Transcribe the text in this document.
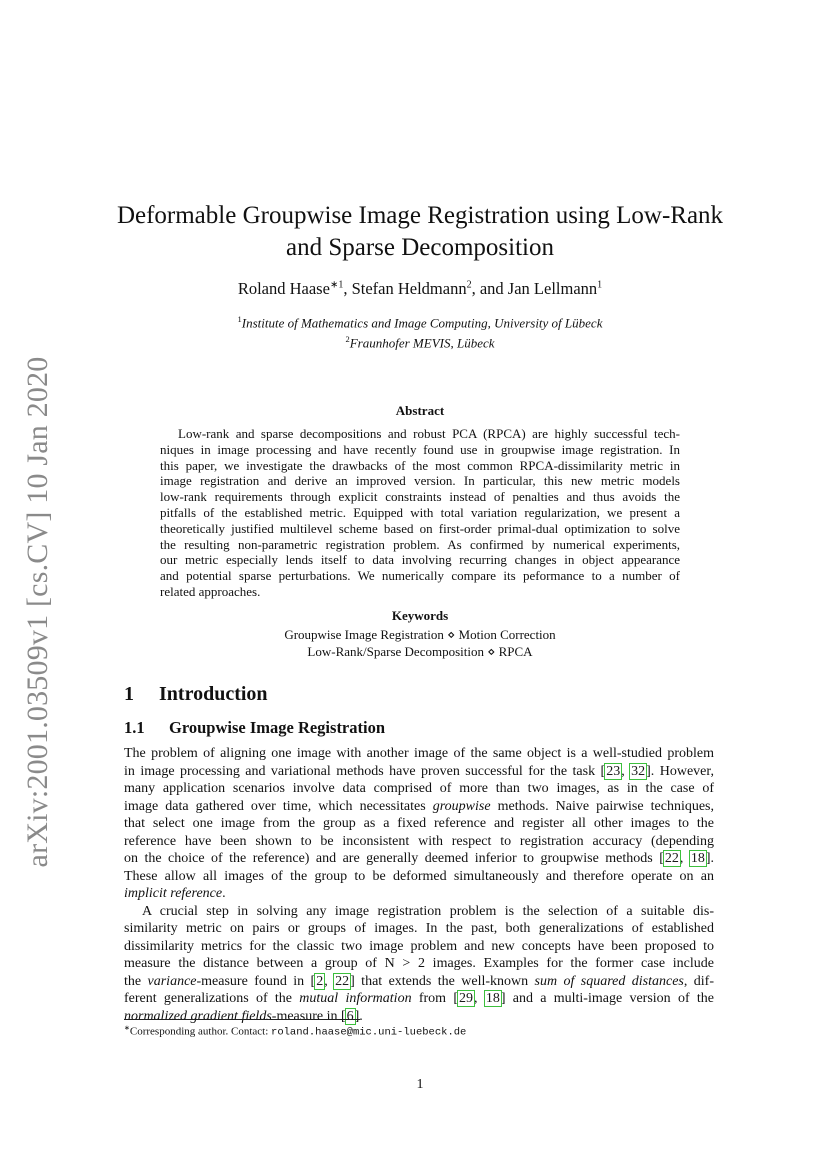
arXiv:2001.03509v1 [cs.CV] 10 Jan 2020
Deformable Groupwise Image Registration using Low-Rank
and Sparse Decomposition
Roland Haase$^{∗1}$, Stefan Heldmann$^2$, and Jan Lellmann$^1$
$^1$Institute of Mathematics and Image Computing, University of Lübeck
$^2$Fraunhofer MEVIS, Lübeck
Abstract
Low-rank and sparse decompositions and robust PCA (RPCA) are highly successful tech-
niques in image processing and have recently found use in groupwise image registration. In
this paper, we investigate the drawbacks of the most common RPCA-dissimilarity metric in
image registration and derive an improved version. In particular, this new metric models
low-rank requirements through explicit constraints instead of penalties and thus avoids the
pitfalls of the established metric. Equipped with total variation regularization, we present a
theoretically justified multilevel scheme based on first-order primal-dual optimization to solve
the resulting non-parametric registration problem. As confirmed by numerical experiments,
our metric especially lends itself to data involving recurring changes in object appearance
and potential sparse perturbations. We numerically compare its peformance to a number of
related approaches.
Keywords
Groupwise Image Registration ⋄ Motion Correction
Low-Rank/Sparse Decomposition ⋄ RPCA
1 Introduction
1.1 Groupwise Image Registration
The problem of aligning one image with another image of the same object is a well-studied problem
in image processing and variational methods have proven successful for the task [23, 32]. However,
many application scenarios involve data comprised of more than two images, as in the case of
image data gathered over time, which necessitates groupwise methods. Naive pairwise techniques,
that select one image from the group as a fixed reference and register all other images to the
reference have been shown to be inconsistent with respect to registration accuracy (depending
on the choice of the reference) and are generally deemed inferior to groupwise methods [22, 18].
These allow all images of the group to be deformed simultaneously and therefore operate on an
implicit reference.
A crucial step in solving any image registration problem is the selection of a suitable dis-
similarity metric on pairs or groups of images. In the past, both generalizations of established
dissimilarity metrics for the classic two image problem and new concepts have been proposed to
measure the distance between a group of N > 2 images. Examples for the former case include
the variance-measure found in [2, 22] that extends the well-known sum of squared distances, dif-
ferent generalizations of the mutual information from [29, 18] and a multi-image version of the
normalized gradient fields-measure in [6].
∗Corresponding author. Contact: roland.haase@mic.uni-luebeck.de
1
